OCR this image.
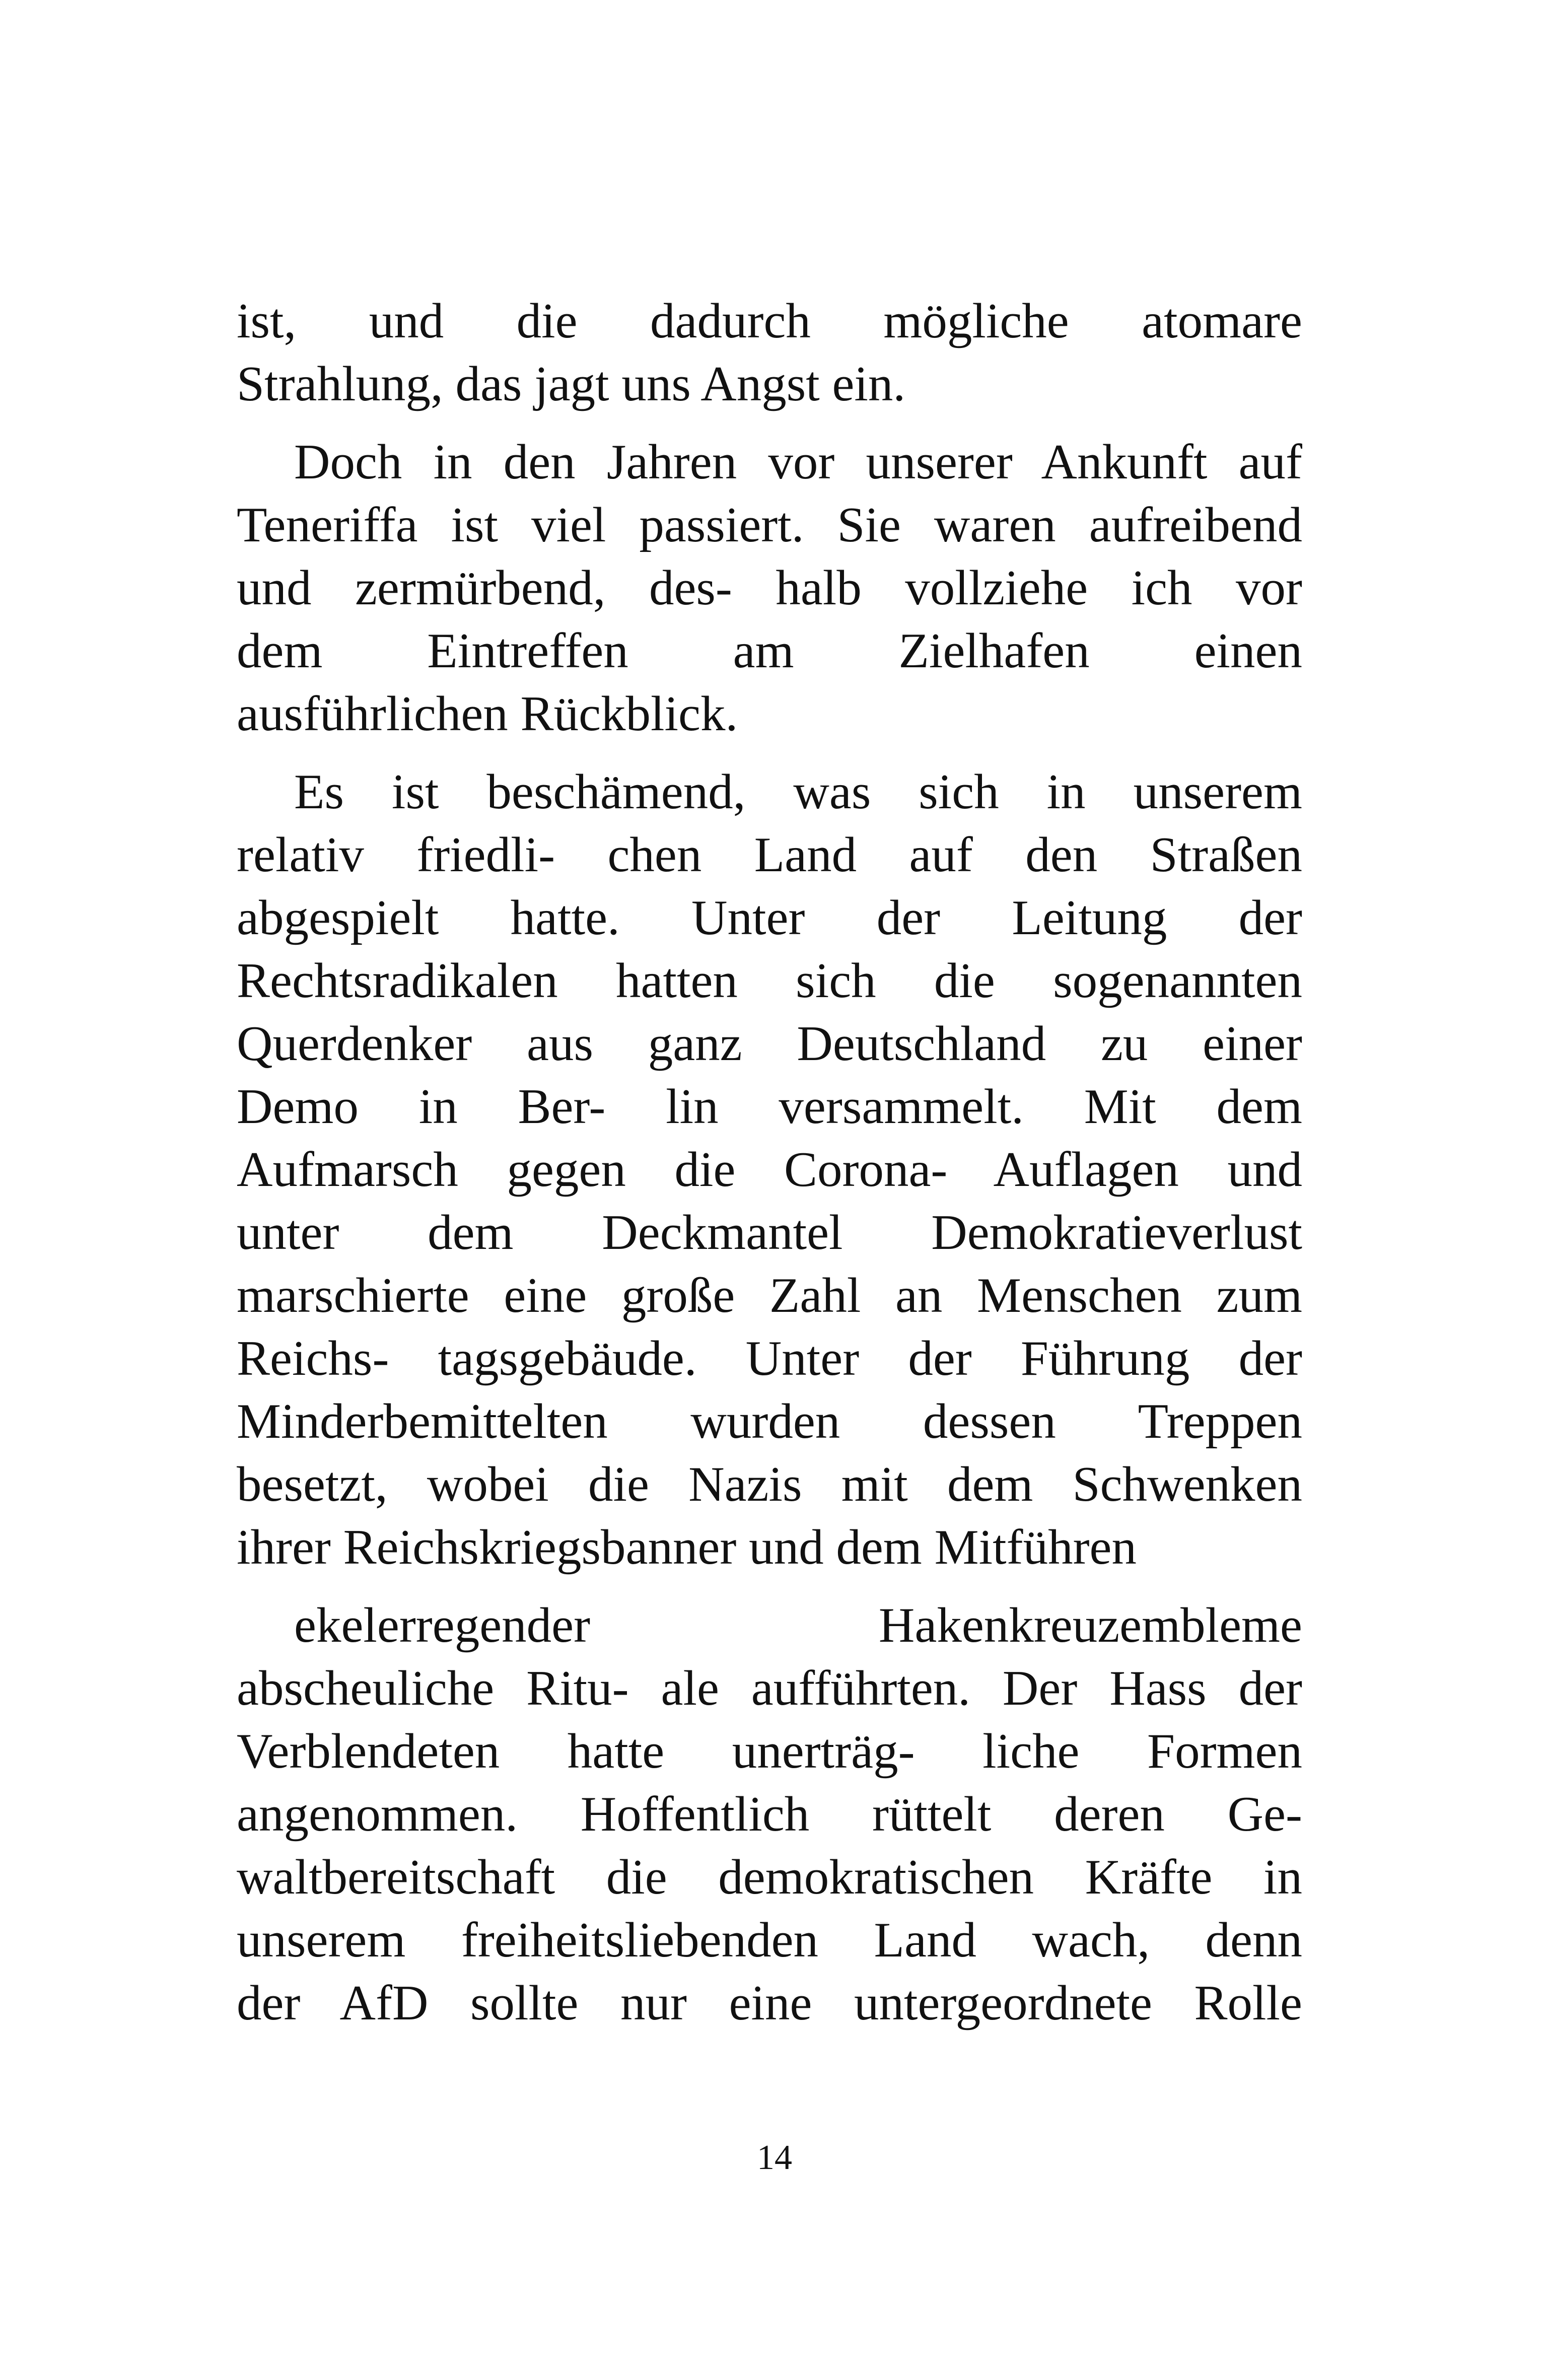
ist, und die dadurch mögliche atomare
Strahlung, das jagt uns Angst ein.
Doch in den Jahren vor unserer Ankunft auf
Teneriffa ist viel passiert. Sie waren aufreibend
und zermürbend, des- halb vollziehe ich vor
dem Eintreffen am Zielhafen einen
ausführlichen Rückblick.
Es ist beschämend, was sich in unserem
relativ friedli- chen Land auf den Straßen
abgespielt hatte. Unter der Leitung der
Rechtsradikalen hatten sich die sogenannten
Querdenker aus ganz Deutschland zu einer
Demo in Ber- lin versammelt. Mit dem
Aufmarsch gegen die Corona- Auflagen und
unter dem Deckmantel Demokratieverlust
marschierte eine große Zahl an Menschen zum
Reichs- tagsgebäude. Unter der Führung der
Minderbemittelten wurden dessen Treppen
besetzt, wobei die Nazis mit dem Schwenken
ihrer Reichskriegsbanner und dem Mitführen
ekelerregender Hakenkreuzembleme
abscheuliche Ritu- ale aufführten. Der Hass der
Verblendeten hatte unerträg- liche Formen
angenommen. Hoffentlich rüttelt deren Ge-
waltbereitschaft die demokratischen Kräfte in
unserem freiheitsliebenden Land wach, denn
der AfD sollte nur eine untergeordnete Rolle
14
